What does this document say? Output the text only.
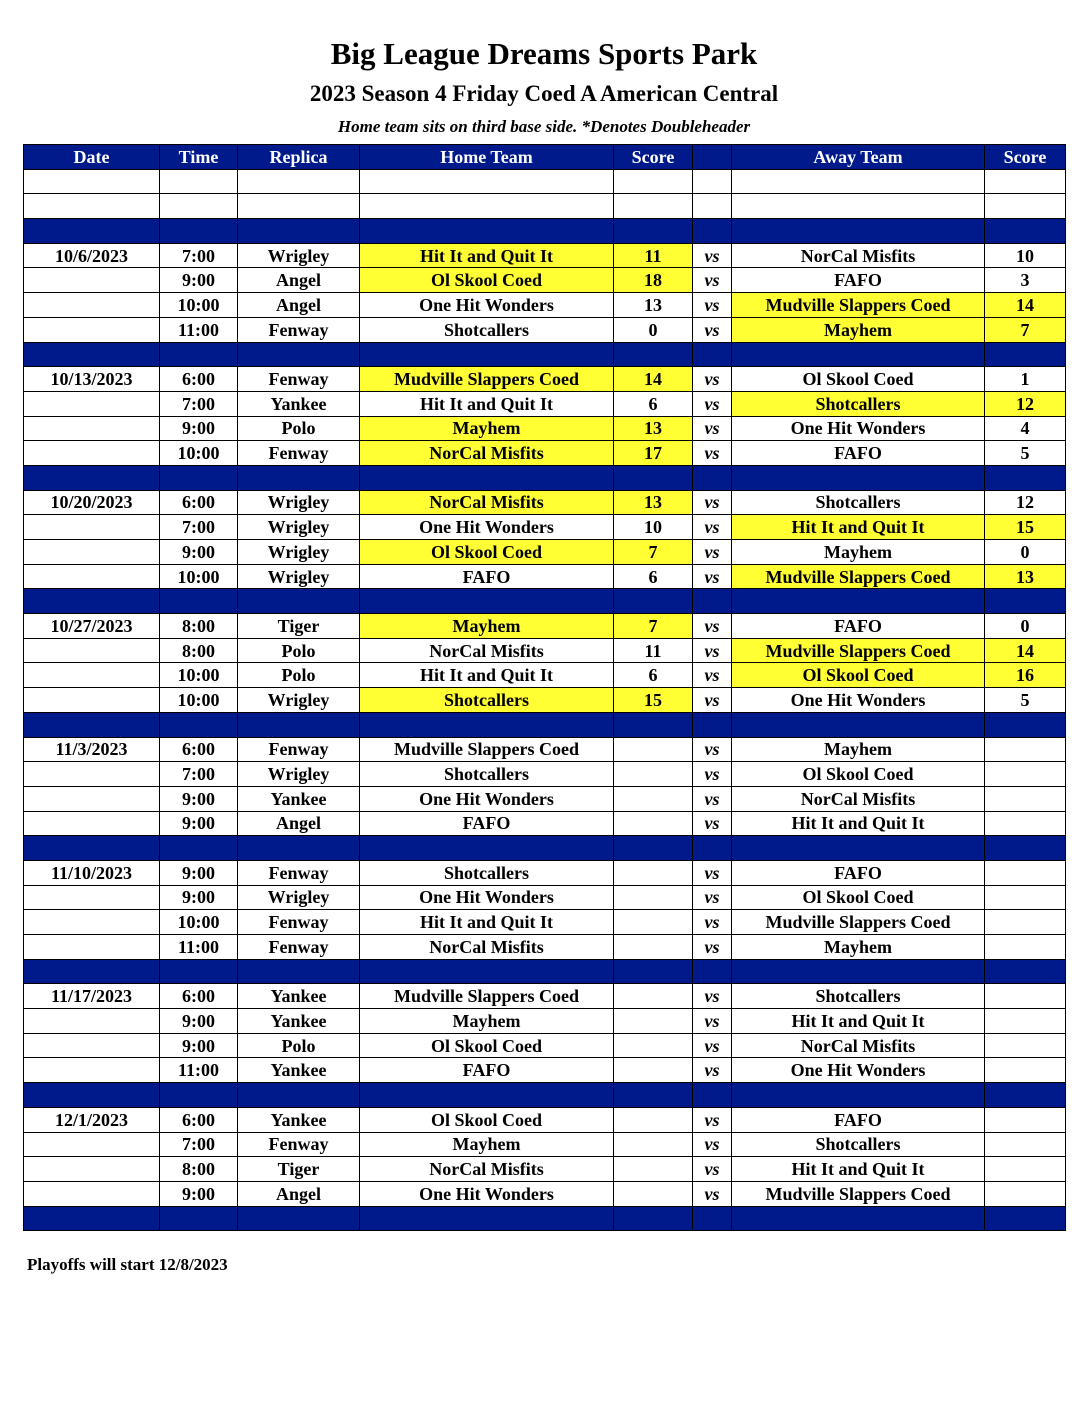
Big League Dreams Sports Park
2023 Season 4 Friday Coed A American Central
Home team sits on third base side. *Denotes Doubleheader
Date	Time	Replica	Home Team	Score		Away Team	Score

10/6/2023	7:00	Wrigley	Hit It and Quit It	11	vs	NorCal Misfits	10
	9:00	Angel	Ol Skool Coed	18	vs	FAFO	3
	10:00	Angel	One Hit Wonders	13	vs	Mudville Slappers Coed	14
	11:00	Fenway	Shotcallers	0	vs	Mayhem	7

10/13/2023	6:00	Fenway	Mudville Slappers Coed	14	vs	Ol Skool Coed	1
	7:00	Yankee	Hit It and Quit It	6	vs	Shotcallers	12
	9:00	Polo	Mayhem	13	vs	One Hit Wonders	4
	10:00	Fenway	NorCal Misfits	17	vs	FAFO	5

10/20/2023	6:00	Wrigley	NorCal Misfits	13	vs	Shotcallers	12
	7:00	Wrigley	One Hit Wonders	10	vs	Hit It and Quit It	15
	9:00	Wrigley	Ol Skool Coed	7	vs	Mayhem	0
	10:00	Wrigley	FAFO	6	vs	Mudville Slappers Coed	13

10/27/2023	8:00	Tiger	Mayhem	7	vs	FAFO	0
	8:00	Polo	NorCal Misfits	11	vs	Mudville Slappers Coed	14
	10:00	Polo	Hit It and Quit It	6	vs	Ol Skool Coed	16
	10:00	Wrigley	Shotcallers	15	vs	One Hit Wonders	5

11/3/2023	6:00	Fenway	Mudville Slappers Coed		vs	Mayhem	
	7:00	Wrigley	Shotcallers		vs	Ol Skool Coed	
	9:00	Yankee	One Hit Wonders		vs	NorCal Misfits	
	9:00	Angel	FAFO		vs	Hit It and Quit It	

11/10/2023	9:00	Fenway	Shotcallers		vs	FAFO	
	9:00	Wrigley	One Hit Wonders		vs	Ol Skool Coed	
	10:00	Fenway	Hit It and Quit It		vs	Mudville Slappers Coed	
	11:00	Fenway	NorCal Misfits		vs	Mayhem	

11/17/2023	6:00	Yankee	Mudville Slappers Coed		vs	Shotcallers	
	9:00	Yankee	Mayhem		vs	Hit It and Quit It	
	9:00	Polo	Ol Skool Coed		vs	NorCal Misfits	
	11:00	Yankee	FAFO		vs	One Hit Wonders	

12/1/2023	6:00	Yankee	Ol Skool Coed		vs	FAFO	
	7:00	Fenway	Mayhem		vs	Shotcallers	
	8:00	Tiger	NorCal Misfits		vs	Hit It and Quit It	
	9:00	Angel	One Hit Wonders		vs	Mudville Slappers Coed	

Playoffs will start 12/8/2023
